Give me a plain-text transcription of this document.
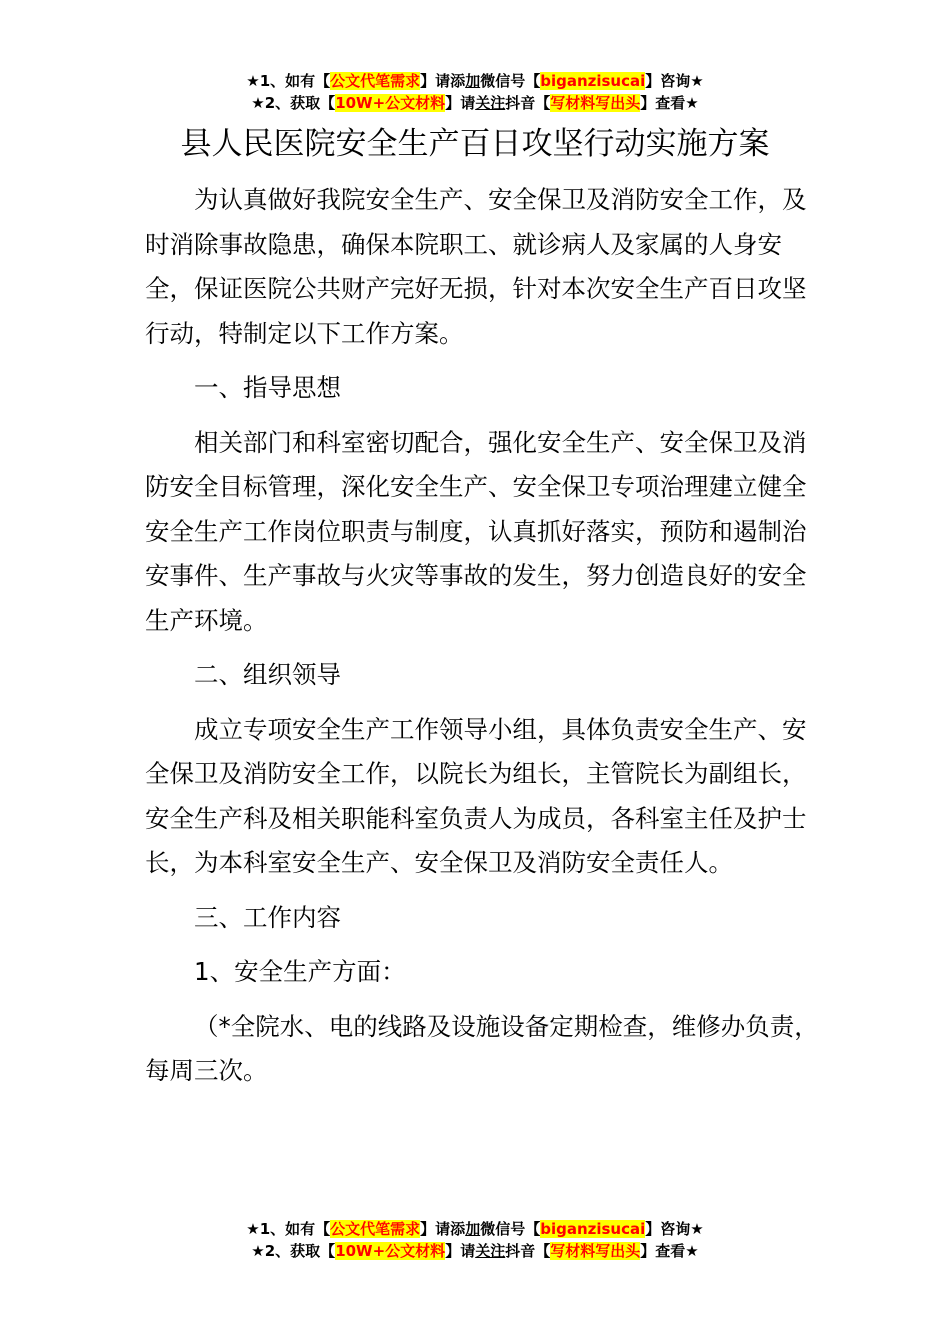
★1、如有【公文代笔需求】请添加微信号【biganzisucai】咨询★
★2、获取【10W+公文材料】请关注抖音【写材料写出头】查看★
县人民医院安全生产百日攻坚行动实施方案

为认真做好我院安全生产、安全保卫及消防安全工作，及时消除事故隐患，确保本院职工、就诊病人及家属的人身安全，保证医院公共财产完好无损，针对本次安全生产百日攻坚行动，特制定以下工作方案。

一、指导思想

相关部门和科室密切配合，强化安全生产、安全保卫及消防安全目标管理，深化安全生产、安全保卫专项治理建立健全安全生产工作岗位职责与制度，认真抓好落实，预防和遏制治安事件、生产事故与火灾等事故的发生，努力创造良好的安全生产环境。

二、组织领导

成立专项安全生产工作领导小组，具体负责安全生产、安全保卫及消防安全工作，以院长为组长，主管院长为副组长，安全生产科及相关职能科室负责人为成员，各科室主任及护士长，为本科室安全生产、安全保卫及消防安全责任人。

三、工作内容

1、安全生产方面：

（*全院水、电的线路及设施设备定期检查，维修办负责，每周三次。

★1、如有【公文代笔需求】请添加微信号【biganzisucai】咨询★
★2、获取【10W+公文材料】请关注抖音【写材料写出头】查看★
